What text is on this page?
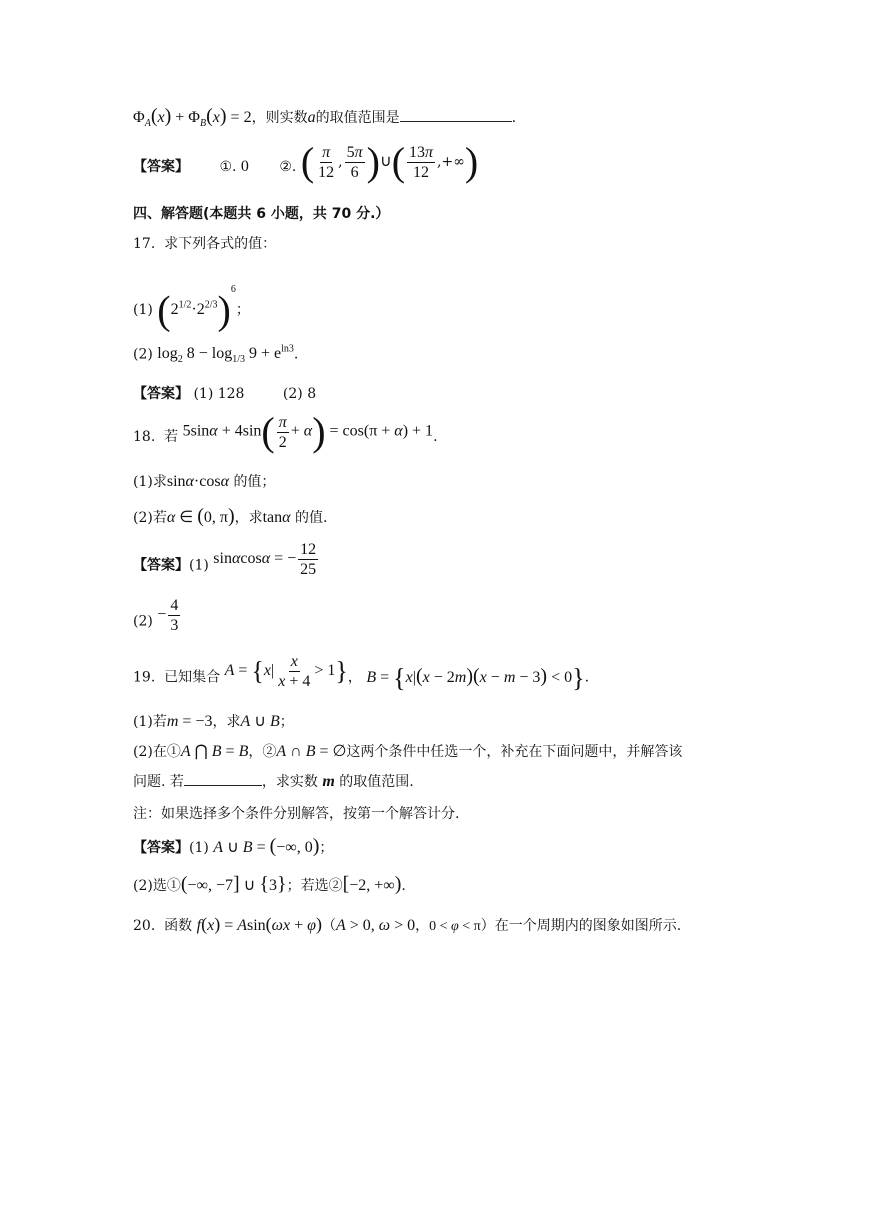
$\Phi_A(x) + \Phi_B(x) = 2$，则实数a的取值范围是	.
【答案】 ①. 0 ②. ( $\frac{\pi}{12}$ , $\frac{5\pi}{6}$ )∪( $\frac{13\pi}{12}$ ,+∞)
四、解答题(本题共 6 小题，共 70 分.）
17. 求下列各式的值：
(1) $(2^{1/2}\cdot 2^{2/3})^6$；
(2) $\log_2 8 - \log_{1/3} 9 + e^{ln3}$.
【答案】 (1) 128	(2) 8
18. 若 $5\sin\alpha + 4\sin( \frac{\pi}{2} + \alpha) = \cos(\pi + \alpha) + 1$.
(1)求sinα·cosα 的值；
(2)若α ∈ (0, π)，求tanα 的值.
【答案】(1) sinαcosα = − $\frac{12}{25}$
$(2) - \frac{4}{3}$
19. 已知集合 $A = \{x| \frac{x}{x + 4} > 1\}$， B = {x|(x − 2m)(x − m − 3) < 0}.
(1)若m = −3，求A ∪ B；
(2)在①A ⋂ B = B，②A ∩ B = ∅这两个条件中任选一个，补充在下面问题中，并解答该
问题. 若	，求实数 m 的取值范围.
注：如果选择多个条件分别解答，按第一个解答计分.
【答案】(1) A ∪ B = (−∞, 0)；
(2)选①(−∞, −7] ∪ {3}；若选②[−2, +∞).
20. 函数 f(x) = Asin(ωx + φ)（A > 0, ω > 0，0 < φ < π）在一个周期内的图象如图所示.
